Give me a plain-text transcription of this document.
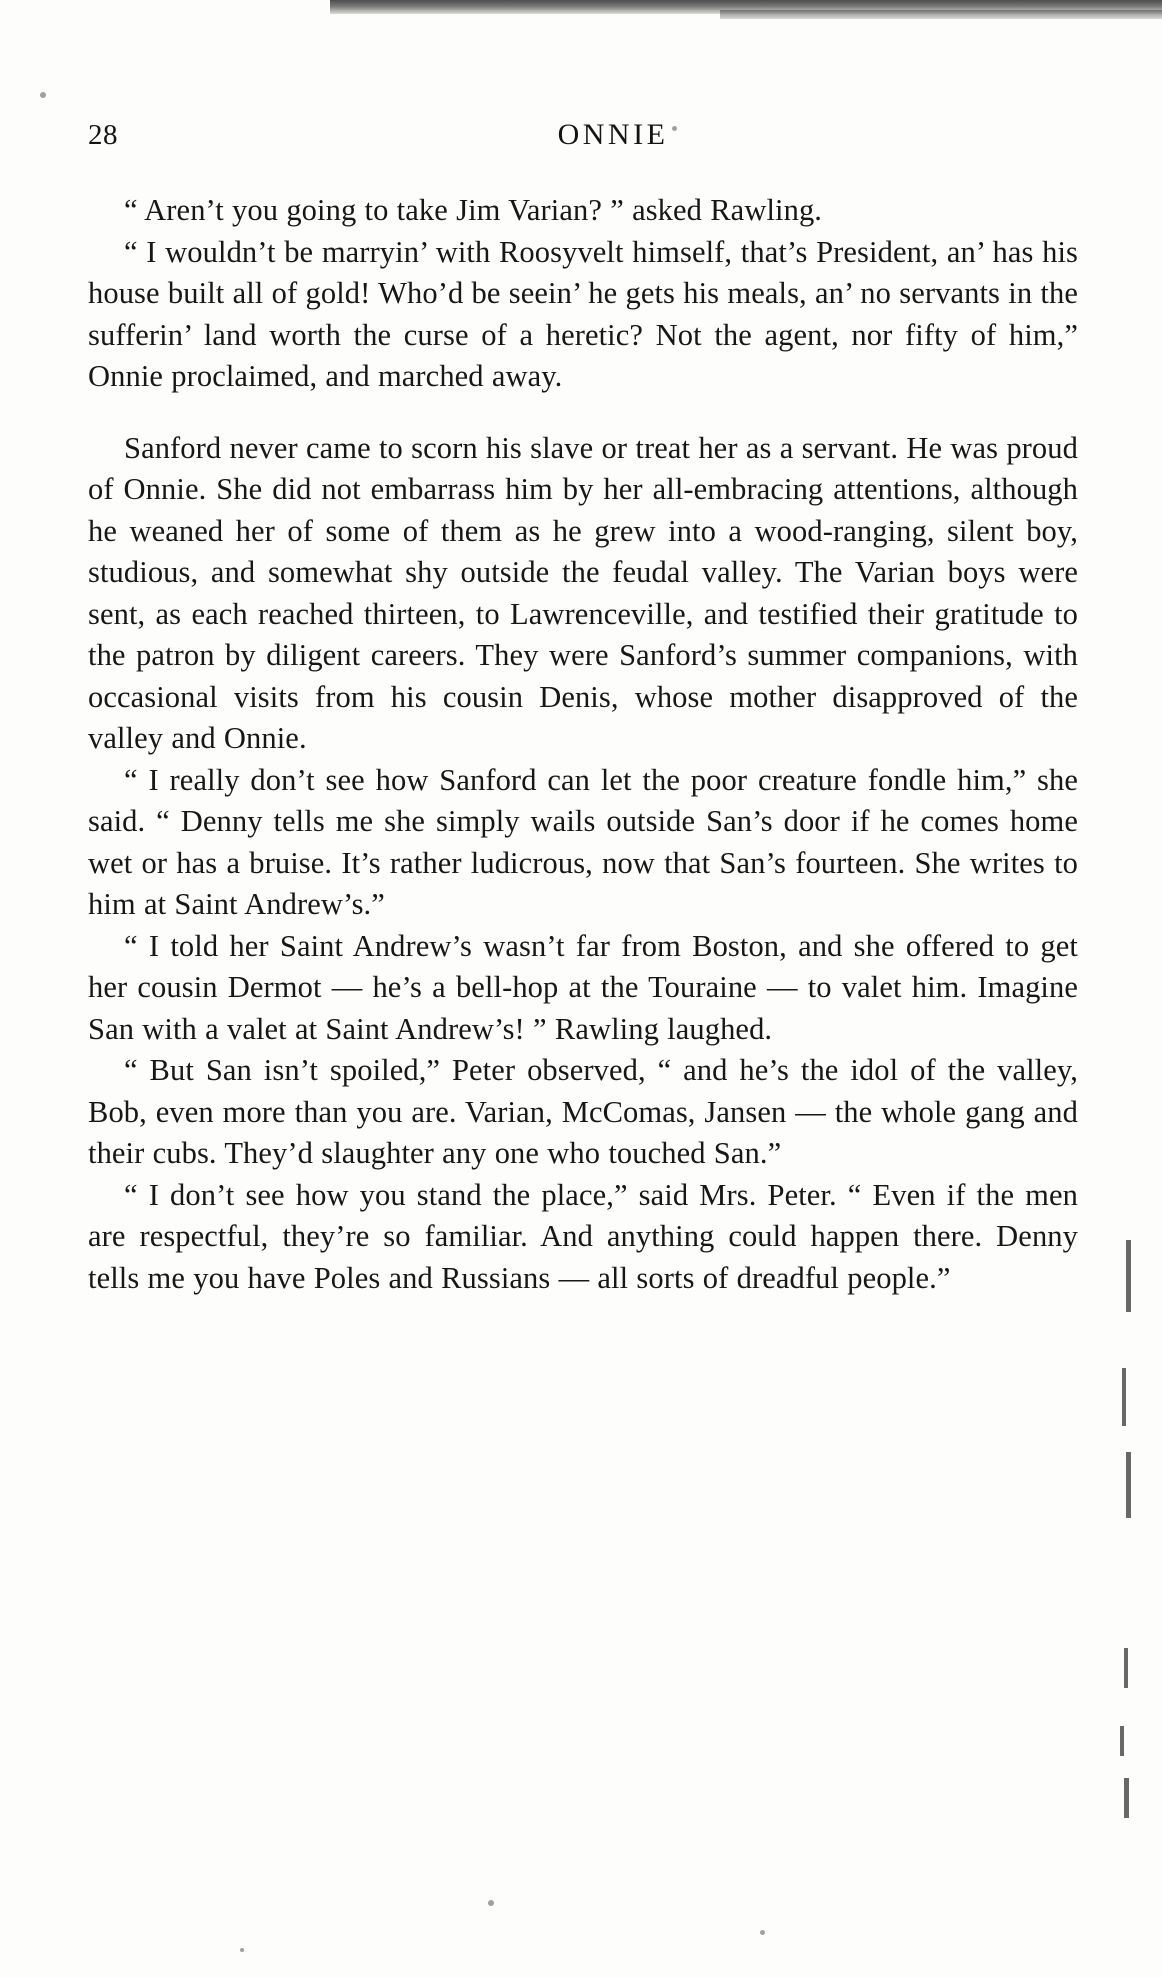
28	ONNIE

“ Aren’t you going to take Jim Varian? ” asked Rawling.

“ I wouldn’t be marryin’ with Roosyvelt himself, that’s President, an’ has his house built all of gold! Who’d be seein’ he gets his meals, an’ no servants in the sufferin’ land worth the curse of a heretic? Not the agent, nor fifty of him,” Onnie proclaimed, and marched away.

Sanford never came to scorn his slave or treat her as a servant. He was proud of Onnie. She did not embarrass him by her all-embracing attentions, although he weaned her of some of them as he grew into a wood-ranging, silent boy, studious, and somewhat shy outside the feudal valley. The Varian boys were sent, as each reached thirteen, to Lawrenceville, and testified their gratitude to the patron by diligent careers. They were Sanford’s summer companions, with occasional visits from his cousin Denis, whose mother disapproved of the valley and Onnie.

“ I really don’t see how Sanford can let the poor creature fondle him,” she said. “ Denny tells me she simply wails outside San’s door if he comes home wet or has a bruise. It’s rather ludicrous, now that San’s fourteen. She writes to him at Saint Andrew’s.”

“ I told her Saint Andrew’s wasn’t far from Boston, and she offered to get her cousin Dermot — he’s a bell-hop at the Touraine — to valet him. Imagine San with a valet at Saint Andrew’s! ” Rawling laughed.

“ But San isn’t spoiled,” Peter observed, “ and he’s the idol of the valley, Bob, even more than you are. Varian, McComas, Jansen — the whole gang and their cubs. They’d slaughter any one who touched San.”

“ I don’t see how you stand the place,” said Mrs. Peter. “ Even if the men are respectful, they’re so familiar. And anything could happen there. Denny tells me you have Poles and Russians — all sorts of dreadful people.”
